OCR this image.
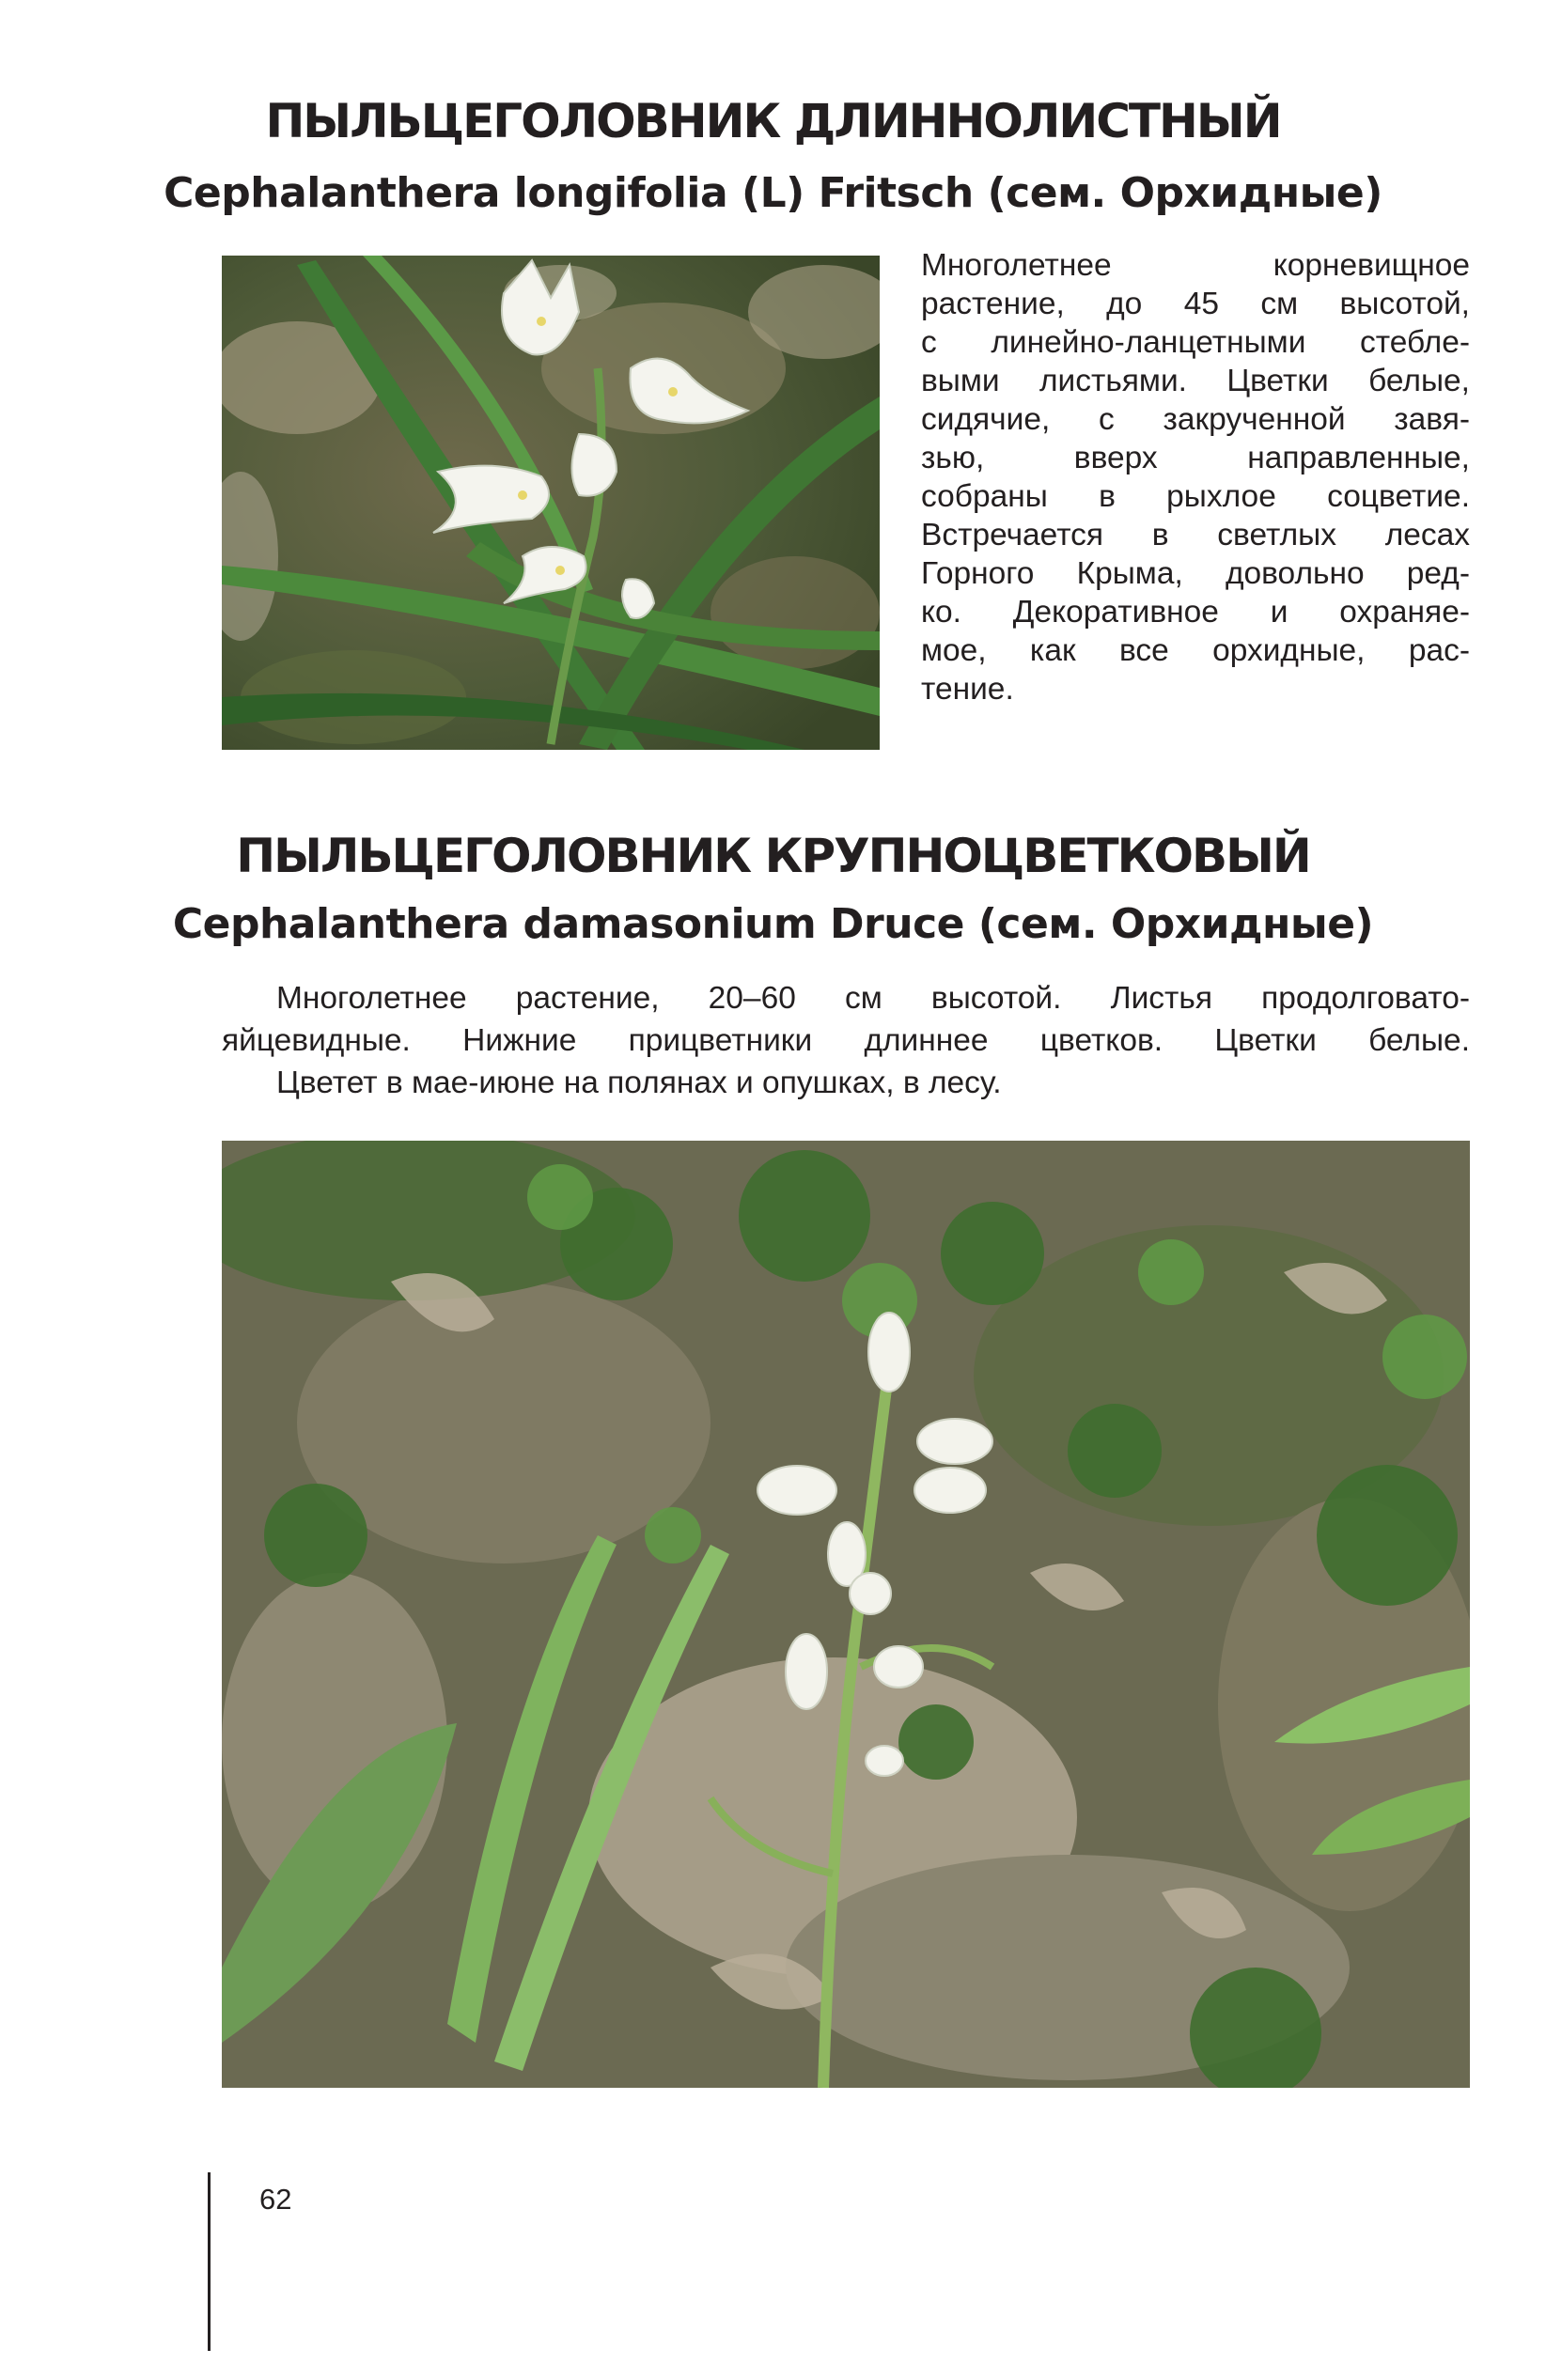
ПЫЛЬЦЕГОЛОВНИК ДЛИННОЛИСТНЫЙ
Cephalanthera longifolia (L) Fritsch (сем. Орхидные)
Многолетнее корневищное
растение, до 45 см высотой,
с линейно-ланцетными стебле-
выми листьями. Цветки белые,
сидячие, с закрученной завя-
зью, вверх направленные,
собраны в рыхлое соцветие.
Встречается в светлых лесах
Горного Крыма, довольно ред-
ко. Декоративное и охраняе-
мое, как все орхидные, рас-
тение.
ПЫЛЬЦЕГОЛОВНИК КРУПНОЦВЕТКОВЫЙ
Cephalanthera damasonium Druce (сем. Орхидные)
Многолетнее растение, 20–60 см высотой. Листья продолговато-
яйцевидные. Нижние прицветники длиннее цветков. Цветки белые.
Цветет в мае-июне на полянах и опушках, в лесу.
62
